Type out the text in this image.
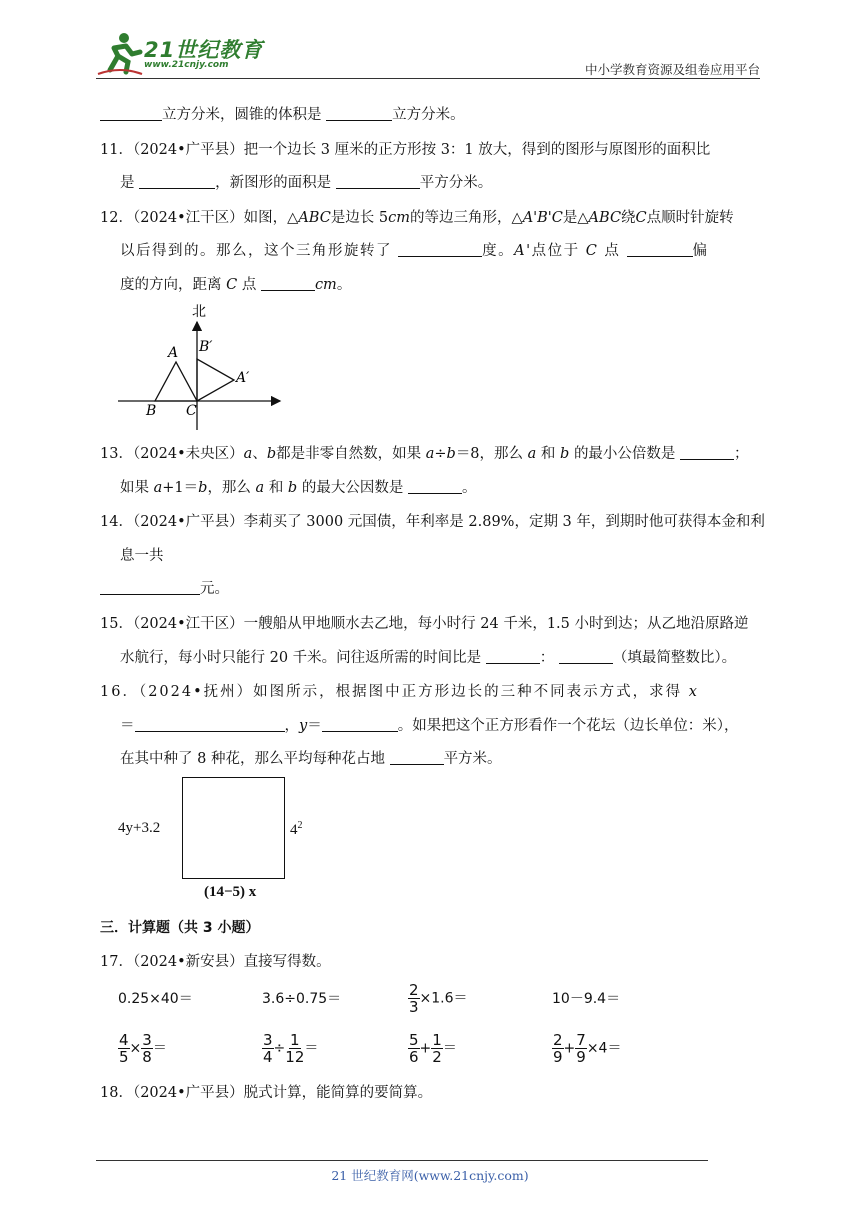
21世纪教育
www.21cnjy.com	中小学教育资源及组卷应用平台
立方分米，圆锥的体积是	立方分米。
11．（2024•广平县）把一个边长 3 厘米的正方形按 3：1 放大，得到的图形与原图形的面积比
是	，新图形的面积是	平方分米。
12．（2024•江干区）如图，△ABC是边长 5cm的等边三角形，△A'B'C是△ABC绕C点顺时针旋转
以后得到的。那么，这个三角形旋转了	度。A'点位于 C 点	偏
度的方向，距离 C 点	cm。
北
A
B C
B′
A′
13．（2024•未央区）a、b都是非零自然数，如果 a÷b＝8，那么 a 和 b 的最小公倍数是	；
如果 a+1＝b，那么 a 和 b 的最大公因数是	。
14．（2024•广平县）李莉买了 3000 元国债，年利率是 2.89%，定期 3 年，到期时他可获得本金和利
息一共
元。
15．（2024•江干区）一艘船从甲地顺水去乙地，每小时行 24 千米，1.5 小时到达；从乙地沿原路逆
水航行，每小时只能行 20 千米。问往返所需的时间比是	：	（填最简整数比）。
16．（2024•抚州）如图所示，根据图中正方形边长的三种不同表示方式，求得 x
＝	，y＝	。如果把这个正方形看作一个花坛（边长单位：米），
在其中种了 8 种花，那么平均每种花占地	平方米。
4y+3.2	$4^2$
(14−5) x
三．计算题（共 3 小题）
17．（2024•新安县）直接写得数。
0.25×40＝	3.6÷0.75＝	$\frac{2}{3} \times 1.6=$	10－9.4＝
$\frac{4}{5} \times \frac{3}{8}$ ＝	$\frac{3}{4} \div \frac{1}{12}$ ＝	$\frac{5}{6} + \frac{1}{2}$ ＝	$\frac{2}{9} + \frac{7}{9} \times 4=$
18．（2024•广平县）脱式计算，能简算的要简算。
21 世纪教育网(www.21cnjy.com)
